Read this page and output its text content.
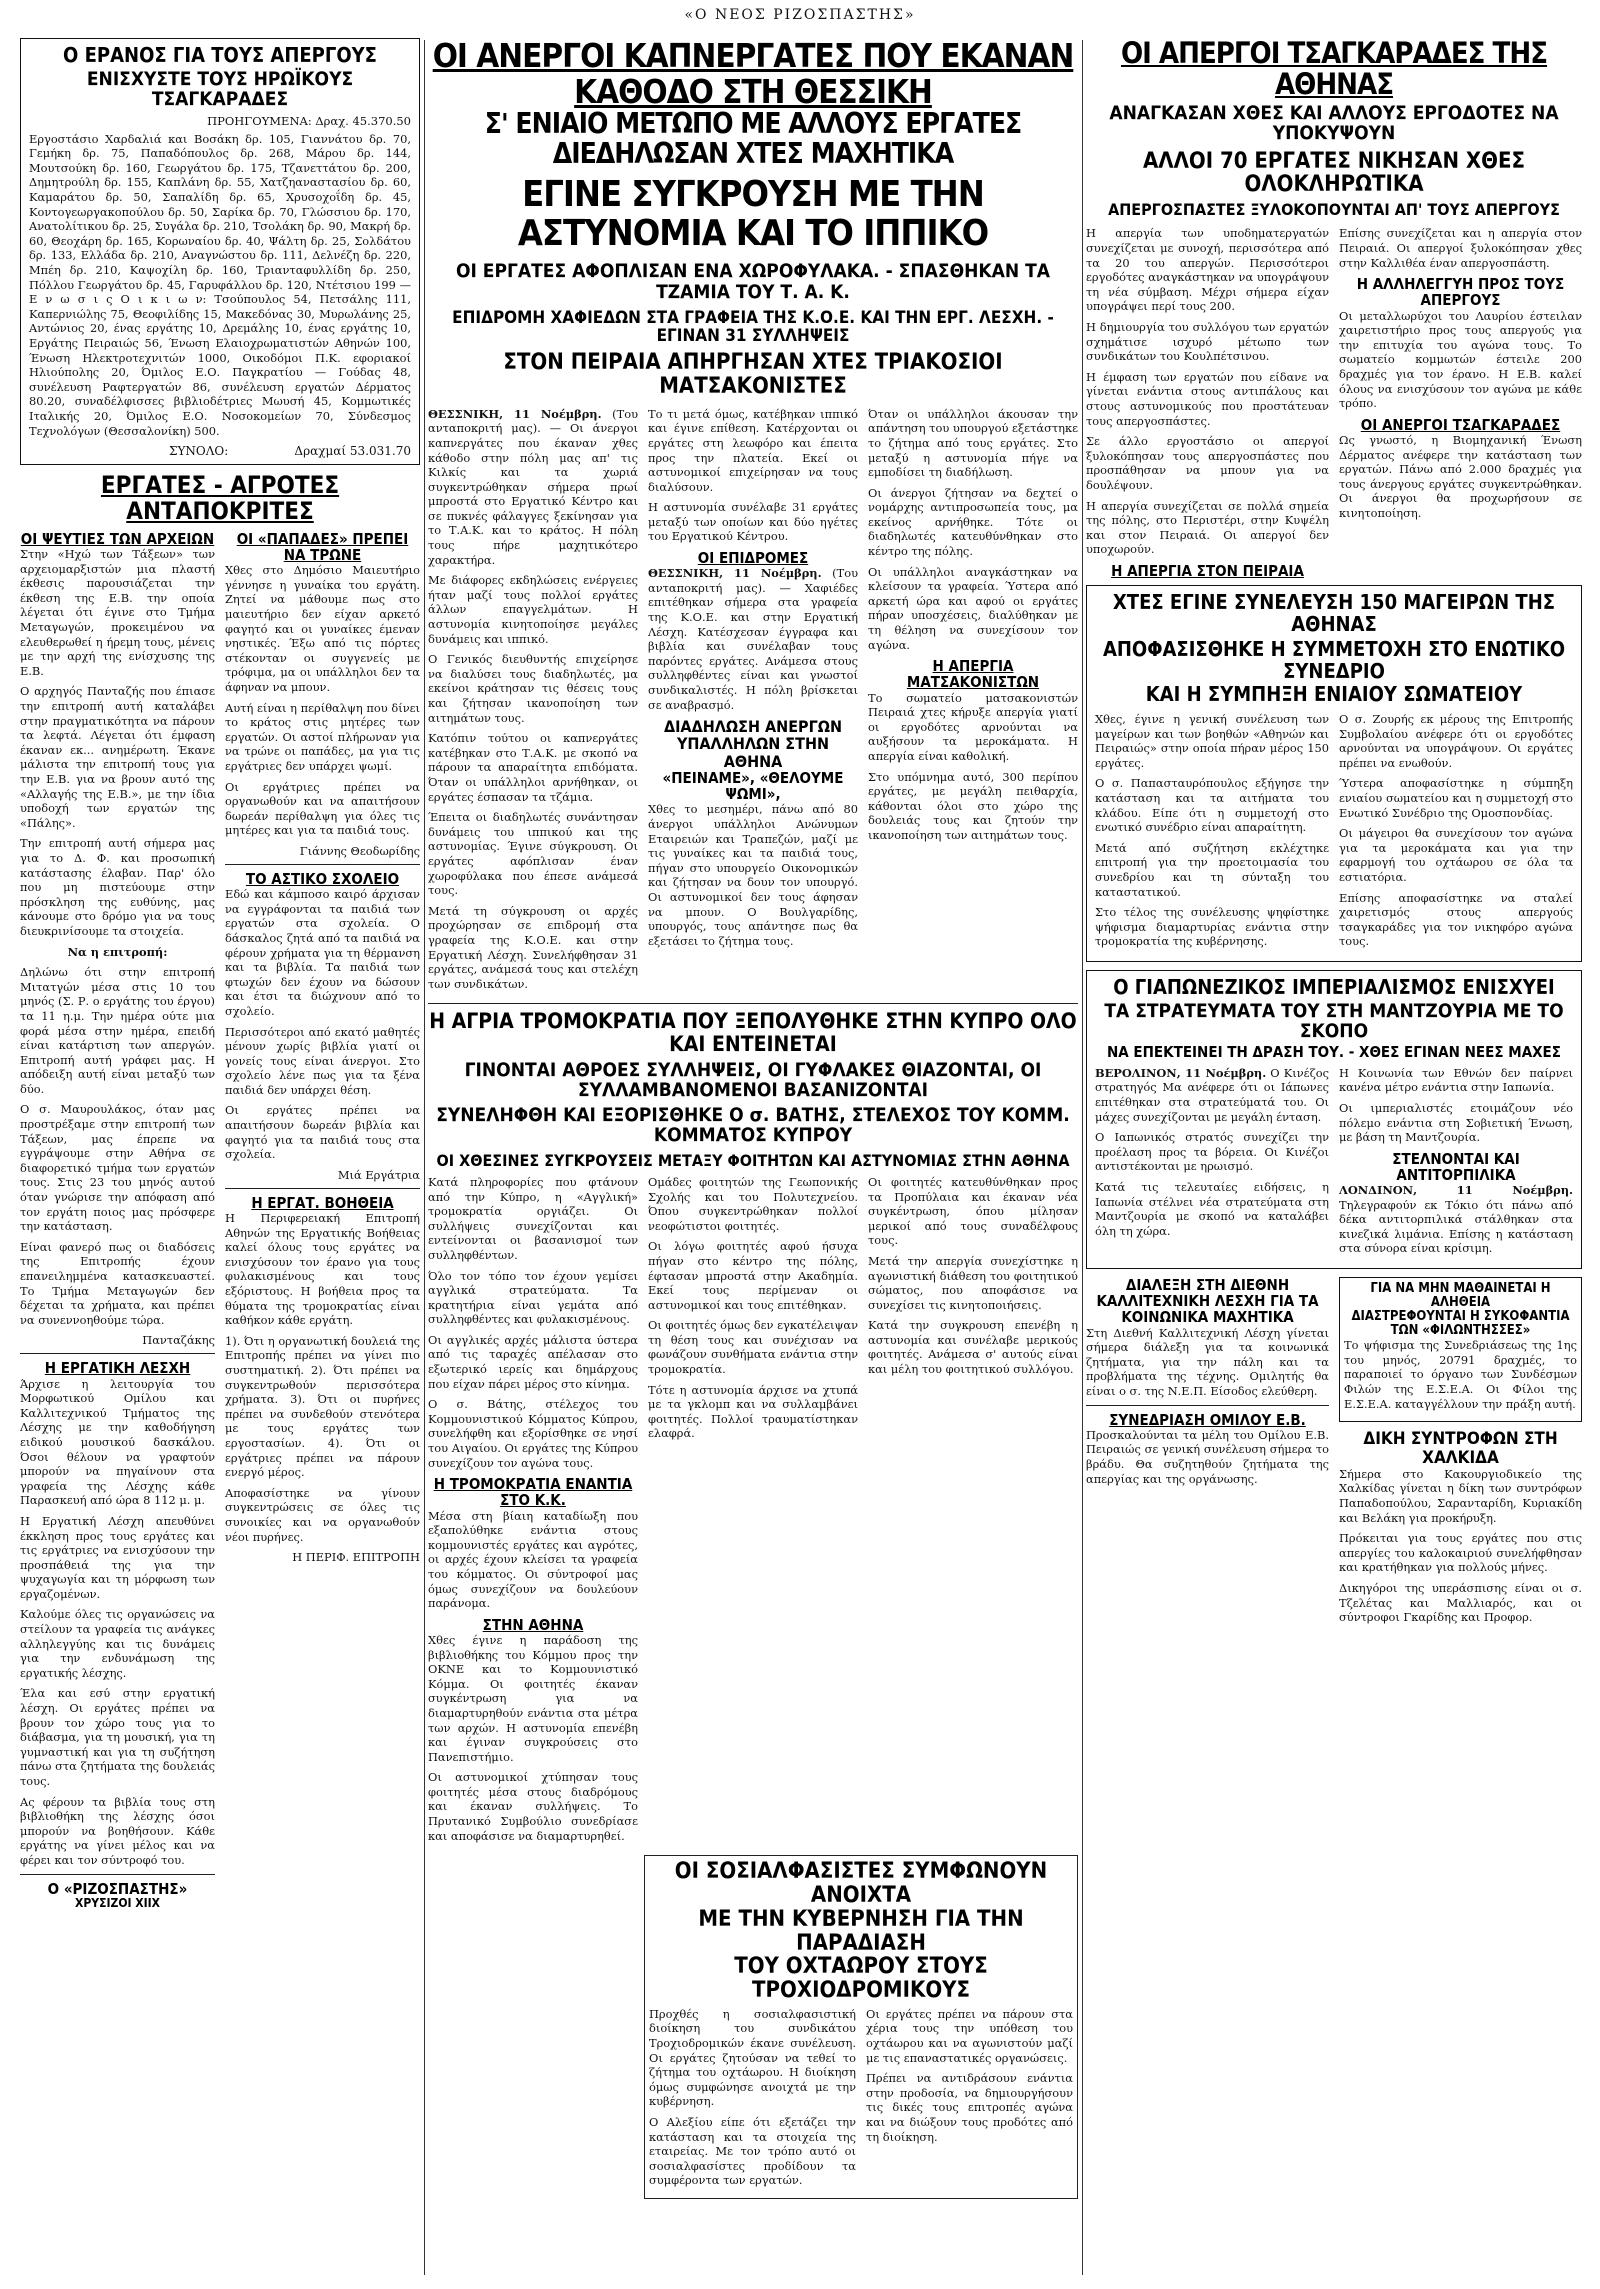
«Ο ΝΕΟΣ ΡΙΖΟΣΠΑΣΤΗΣ»
Ο ΕΡΑΝΟΣ ΓΙΑ ΤΟΥΣ ΑΠΕΡΓΟΥΣ
ΕΝΙΣΧΥΣΤΕ ΤΟΥΣ ΗΡΩΪΚΟΥΣ ΤΣΑΓΚΑΡΑΔΕΣ
ΠΡΟΗΓΟΥΜΕΝΑ: Δραχ. 45.370.50

Εργοστάσιο Χαρδαλιά και Βοσάκη δρ. 105, Γιαννάτου δρ. 70, Γεμήκη δρ. 75, Παπαδόπουλος δρ. 268, Μάρου δρ. 144, Μουτσούκη δρ. 160, Γεωργάτου δρ. 175, Τζανεττάτου δρ. 200, Δημητρούλη δρ. 155, Καπλάνη δρ. 55, Χατζηαναστασίου δρ. 60, Καμαράτου δρ. 50, Σαπαλίδη δρ. 65, Χρυσοχοΐδη δρ. 45, Κοντογεωργακοπούλου δρ. 50, Σαρίκα δρ. 70, Γλώσσιου δρ. 170, Ανατολίτικου δρ. 25, Συγάλα δρ. 210, Τσολάκη δρ. 90, Μακρή δρ. 60, Θεοχάρη δρ. 165, Κορωναίου δρ. 40, Ψάλτη δρ. 25, Σολδάτου δρ. 133, Ελλάδα δρ. 210, Αναγνώστου δρ. 111, Δελνέζη δρ. 220, Μπέη δρ. 210, Καψοχίλη δρ. 160, Τριανταφυλλίδη δρ. 250, Πόλλου Γεωργάτου δρ. 45, Γαρυφάλλου δρ. 120, Ντέτσιου 199 — Ε ν ω σ ι ς Ο ι κ ι ω ν: Τσούπουλος 54, Πετσάλης 111, Καπερνιώλης 75, Θεοφιλίδης 15, Μακεδόνας 30, Μυρωλάνης 25, Αντώνιος 20, ένας εργάτης 10, Δρεμάλης 10, ένας εργάτης 10, Εργάτης Πειραιώς 56, Ένωση Ελαιοχρωματιστών Αθηνών 100, Ένωση Ηλεκτροτεχνιτών 1000, Οικοδόμοι Π.Κ. εφοριακοί Ηλιούπολης 20, Όμιλος Ε.Ο. Παγκρατίου — Γούδας 48, συνέλευση Ραφτεργατών 86, συνέλευση εργατών Δέρματος 80.20, συναδέλφισσες βιβλιοδέτριες Μωυσή 45, Κομμωτικές Ιταλικής 20, Όμιλος Ε.Ο. Νοσοκομείων 70, Σύνδεσμος Τεχνολόγων (Θεσσαλονίκη) 500.

ΣΥΝΟΛΟ:	Δραχμαί 53.031.70
ΕΡΓΑΤΕΣ - ΑΓΡΟΤΕΣ ΑΝΤΑΠΟΚΡΙΤΕΣ
ΟΙ ΨΕΥΤΙΕΣ ΤΩΝ ΑΡΧΕΙΩΝ

Στην «Ηχώ των Τάξεων» των αρχειομαρξιστών μια πλαστή έκθεσις παρουσιάζεται την έκθεση της Ε.Β. την οποία λέγεται ότι έγινε στο Τμήμα Μεταγωγών, προκειμένου να ελευθερωθεί η ήρεμη τους, μένεις με την αρχή της ενίσχυσης της Ε.Β.

Ο αρχηγός Πανταζής που έπιασε την επιτροπή αυτή καταλάβει στην πραγματικότητα να πάρουν τα λεφτά. Λέγεται ότι έμφαση έκαναν εκ... ανημέρωτη. Έκανε μάλιστα την επιτροπή τους για την Ε.Β. για να βρουν αυτό της «Αλλαγής της Ε.Β.», με την ίδια υποδοχή των εργατών της «Πάλης».

Την επιτροπή αυτή σήμερα μας για το Δ. Φ. και προσωπική κατάστασης έλαβαν. Παρ' όλο που μη πιστεύουμε στην πρόσκληση της ευθύνης, μας κάνουμε στο δρόμο για να τους διευκρινίσουμε τα στοιχεία.

Να η επιτροπή:

Δηλώνω ότι στην επιτροπή Μιτατγών μέσα στις 10 του μηνός (Σ. Ρ. ο εργάτης του έργου) τα 11 η.μ. Την ημέρα ούτε μια φορά μέσα στην ημέρα, επειδή είναι κατάρτιση των απεργών. Επιτροπή αυτή γράφει μας. Η απόδειξη αυτή είναι μεταξύ των δύο.

Ο σ. Μαυρουλάκος, όταν μας προστρέξαμε στην επιτροπή των Τάξεων, μας έπρεπε να εγγράψουμε στην Αθήνα σε διαφορετικό τμήμα των εργατών τους. Στις 23 του μηνός αυτού όταν γνώρισε την απόφαση από τον εργάτη ποιος μας πρόσφερε την κατάσταση.

Είναι φανερό πως οι διαδόσεις της Επιτροπής έχουν επανειλημμένα κατασκευαστεί. Το Τμήμα Μεταγωγών δεν δέχεται τα χρήματα, και πρέπει να συνεννοηθούμε τώρα.

Πανταζάκης

Η ΕΡΓΑΤΙΚΗ ΛΕΣΧΗ

Άρχισε η λειτουργία του Μορφωτικού Ομίλου και Καλλιτεχνικού Τμήματος της Λέσχης με την καθοδήγηση ειδικού μουσικού δασκάλου. Όσοι θέλουν να γραφτούν μπορούν να πηγαίνουν στα γραφεία της Λέσχης κάθε Παρασκευή από ώρα 8 112 μ. μ.

Η Εργατική Λέσχη απευθύνει έκκληση προς τους εργάτες και τις εργάτριες να ενισχύσουν την προσπάθειά της για την ψυχαγωγία και τη μόρφωση των εργαζομένων.

Καλούμε όλες τις οργανώσεις να στείλουν τα γραφεία τις ανάγκες αλληλεγγύης και τις δυνάμεις για την ενδυνάμωση της εργατικής λέσχης.

Έλα και εσύ στην εργατική λέσχη. Οι εργάτες πρέπει να βρουν τον χώρο τους για το διάβασμα, για τη μουσική, για τη γυμναστική και για τη συζήτηση πάνω στα ζητήματα της δουλειάς τους.

Ας φέρουν τα βιβλία τους στη βιβλιοθήκη της λέσχης όσοι μπορούν να βοηθήσουν. Κάθε εργάτης να γίνει μέλος και να φέρει και τον σύντροφό του.

Ο «ΡΙΖΟΣΠΑΣΤΗΣ»
ΧΡΥΣΙΖΟΙ ΧΙΙΧ
ΟΙ «ΠΑΠΑΔΕΣ» ΠΡΕΠΕΙ ΝΑ ΤΡΩΝΕ

Χθες στο Δημόσιο Μαιευτήριο γέννησε η γυναίκα του εργάτη. Ζητεί να μάθουμε πως στο μαιευτήριο δεν είχαν αρκετό φαγητό και οι γυναίκες έμεναν νηστικές. Έξω από τις πόρτες στέκονταν οι συγγενείς με τρόφιμα, μα οι υπάλληλοι δεν τα άφηναν να μπουν.

Αυτή είναι η περίθαλψη που δίνει το κράτος στις μητέρες των εργατών. Οι αστοί πλήρωναν για να τρώνε οι παπάδες, μα για τις εργάτριες δεν υπάρχει ψωμί.

Οι εργάτριες πρέπει να οργανωθούν και να απαιτήσουν δωρεάν περίθαλψη για όλες τις μητέρες και για τα παιδιά τους.

Γιάννης Θεοδωρίδης

ΤΟ ΑΣΤΙΚΟ ΣΧΟΛΕΙΟ

Εδώ και κάμποσο καιρό άρχισαν να εγγράφονται τα παιδιά των εργατών στα σχολεία. Ο δάσκαλος ζητά από τα παιδιά να φέρουν χρήματα για τη θέρμανση και τα βιβλία. Τα παιδιά των φτωχών δεν έχουν να δώσουν και έτσι τα διώχνουν από το σχολείο.

Περισσότεροι από εκατό μαθητές μένουν χωρίς βιβλία γιατί οι γονείς τους είναι άνεργοι. Στο σχολείο λένε πως για τα ξένα παιδιά δεν υπάρχει θέση.

Οι εργάτες πρέπει να απαιτήσουν δωρεάν βιβλία και φαγητό για τα παιδιά τους στα σχολεία.

Μιά Εργάτρια

Η ΕΡΓΑΤ. ΒΟΗΘΕΙΑ

Η Περιφερειακή Επιτροπή Αθηνών της Εργατικής Βοήθειας καλεί όλους τους εργάτες να ενισχύσουν τον έρανο για τους φυλακισμένους και τους εξόριστους. Η βοήθεια προς τα θύματα της τρομοκρατίας είναι καθήκον κάθε εργάτη.

1). Ότι η οργανωτική δουλειά της Επιτροπής πρέπει να γίνει πιο συστηματική. 2). Ότι πρέπει να συγκεντρωθούν περισσότερα χρήματα. 3). Ότι οι πυρήνες πρέπει να συνδεθούν στενότερα με τους εργάτες των εργοστασίων. 4). Ότι οι εργάτριες πρέπει να πάρουν ενεργό μέρος.

Αποφασίστηκε να γίνουν συγκεντρώσεις σε όλες τις συνοικίες και να οργανωθούν νέοι πυρήνες.

Η ΠΕΡΙΦ. ΕΠΙΤΡΟΠΗ

ΟΙ ΑΝΕΡΓΟΙ ΚΑΠΝΕΡΓΑΤΕΣ ΠΟΥ ΕΚΑΝΑΝ ΚΑΘΟΔΟ ΣΤΗ ΘΕΣΣΙΚΗ
Σ' ΕΝΙΑΙΟ ΜΕΤΩΠΟ ΜΕ ΑΛΛΟΥΣ ΕΡΓΑΤΕΣ ΔΙΕΔΗΛΩΣΑΝ ΧΤΕΣ ΜΑΧΗΤΙΚΑ
ΕΓΙΝΕ ΣΥΓΚΡΟΥΣΗ ΜΕ ΤΗΝ ΑΣΤΥΝΟΜΙΑ ΚΑΙ ΤΟ ΙΠΠΙΚΟ
ΟΙ ΕΡΓΑΤΕΣ ΑΦΟΠΛΙΣΑΝ ΕΝΑ ΧΩΡΟΦΥΛΑΚΑ. - ΣΠΑΣΘΗΚΑΝ ΤΑ ΤΖΑΜΙΑ ΤΟΥ Τ. Α. Κ.
ΕΠΙΔΡΟΜΗ ΧΑΦΙΕΔΩΝ ΣΤΑ ΓΡΑΦΕΙΑ ΤΗΣ Κ.Ο.Ε. ΚΑΙ ΤΗΝ ΕΡΓ. ΛΕΣΧΗ. - ΕΓΙΝΑΝ 31 ΣΥΛΛΗΨΕΙΣ
ΣΤΟΝ ΠΕΙΡΑΙΑ ΑΠΗΡΓΗΣΑΝ ΧΤΕΣ ΤΡΙΑΚΟΣΙΟΙ ΜΑΤΣΑΚΟΝΙΣΤΕΣ

ΘΕΣΣΝΙΚΗ, 11 Νοέμβρη. (Του ανταποκριτή μας). — Οι άνεργοι καπνεργάτες που έκαναν χθες κάθοδο στην πόλη μας απ' τις Κιλκίς και τα χωριά συγκεντρώθηκαν σήμερα πρωί μπροστά στο Εργατικό Κέντρο και σε πυκνές φάλαγγες ξεκίνησαν για το Τ.Α.Κ. και το κράτος. Η πόλη τους πήρε μαχητικότερο χαρακτήρα.

Με διάφορες εκδηλώσεις ενέργειες ήταν μαζί τους πολλοί εργάτες άλλων επαγγελμάτων. Η αστυνομία κινητοποίησε μεγάλες δυνάμεις και ιππικό.

Ο Γενικός διευθυντής επιχείρησε να διαλύσει τους διαδηλωτές, μα εκείνοι κράτησαν τις θέσεις τους και ζήτησαν ικανοποίηση των αιτημάτων τους.

Κατόπιν τούτου οι καπνεργάτες κατέβηκαν στο Τ.Α.Κ. με σκοπό να πάρουν τα απαραίτητα επιδόματα. Όταν οι υπάλληλοι αρνήθηκαν, οι εργάτες έσπασαν τα τζάμια.

Έπειτα οι διαδηλωτές συνάντησαν δυνάμεις του ιππικού και της αστυνομίας. Έγινε σύγκρουση. Οι εργάτες αφόπλισαν έναν χωροφύλακα που έπεσε ανάμεσά τους.

Μετά τη σύγκρουση οι αρχές προχώρησαν σε επιδρομή στα γραφεία της Κ.Ο.Ε. και στην Εργατική Λέσχη. Συνελήφθησαν 31 εργάτες, ανάμεσά τους και στελέχη των συνδικάτων.

Το τι μετά όμως, κατέβηκαν ιππικό και έγινε επίθεση. Κατέρχονται οι εργάτες στη λεωφόρο και έπειτα προς την πλατεία. Εκεί οι αστυνομικοί επιχείρησαν να τους διαλύσουν.

Η αστυνομία συνέλαβε 31 εργάτες μεταξύ των οποίων και δύο ηγέτες του Εργατικού Κέντρου.

ΟΙ ΕΠΙΔΡΟΜΕΣ

ΘΕΣΣΝΙΚΗ, 11 Νοέμβρη. (Του ανταποκριτή μας). — Χαφιέδες επιτέθηκαν σήμερα στα γραφεία της Κ.Ο.Ε. και στην Εργατική Λέσχη. Κατέσχεσαν έγγραφα και βιβλία και συνέλαβαν τους παρόντες εργάτες. Ανάμεσα στους συλληφθέντες είναι και γνωστοί συνδικαλιστές. Η πόλη βρίσκεται σε αναβρασμό.

ΔΙΑΔΗΛΩΣΗ ΑΝΕΡΓΩΝ ΥΠΑΛΛΗΛΩΝ ΣΤΗΝ ΑΘΗΝΑ
«ΠΕΙΝΑΜΕ», «ΘΕΛΟΥΜΕ ΨΩΜΙ»,

Χθες το μεσημέρι, πάνω από 80 άνεργοι υπάλληλοι Ανώνυμων Εταιρειών και Τραπεζών, μαζί με τις γυναίκες και τα παιδιά τους, πήγαν στο υπουργείο Οικονομικών και ζήτησαν να δουν τον υπουργό. Οι αστυνομικοί δεν τους άφησαν να μπουν. Ο Βουλγαρίδης, υπουργός, τους απάντησε πως θα εξετάσει το ζήτημα τους.

Όταν οι υπάλληλοι άκουσαν την απάντηση του υπουργού εξετάστηκε το ζήτημα από τους εργάτες. Στο μεταξύ η αστυνομία πήγε να εμποδίσει τη διαδήλωση.

Οι άνεργοι ζήτησαν να δεχτεί ο νομάρχης αντιπροσωπεία τους, μα εκείνος αρνήθηκε. Τότε οι διαδηλωτές κατευθύνθηκαν στο κέντρο της πόλης.

Οι υπάλληλοι αναγκάστηκαν να κλείσουν τα γραφεία. Ύστερα από αρκετή ώρα και αφού οι εργάτες πήραν υποσχέσεις, διαλύθηκαν με τη θέληση να συνεχίσουν τον αγώνα.

Η ΑΠΕΡΓΙΑ ΜΑΤΣΑΚΟΝΙΣΤΩΝ

Το σωματείο ματσακονιστών Πειραιά χτες κήρυξε απεργία γιατί οι εργοδότες αρνούνται να αυξήσουν τα μεροκάματα. Η απεργία είναι καθολική.

Στο υπόμνημα αυτό, 300 περίπου εργάτες, με μεγάλη πειθαρχία, κάθονται όλοι στο χώρο της δουλειάς τους και ζητούν την ικανοποίηση των αιτημάτων τους.

Η ΑΓΡΙΑ ΤΡΟΜΟΚΡΑΤΙΑ ΠΟΥ ΞΕΠΟΛΥΘΗΚΕ ΣΤΗΝ ΚΥΠΡΟ ΟΛΟ ΚΑΙ ΕΝΤΕΙΝΕΤΑΙ
ΓΙΝΟΝΤΑΙ ΑΘΡΟΕΣ ΣΥΛΛΗΨΕΙΣ, ΟΙ ΓΥΦΛΑΚΕΣ ΘΙΑΖΟΝΤΑΙ, ΟΙ ΣΥΛΛΑΜΒΑΝΟΜΕΝΟΙ ΒΑΣΑΝΙΖΟΝΤΑΙ
ΣΥΝΕΛΗΦΘΗ ΚΑΙ ΕΞΟΡΙΣΘΗΚΕ Ο σ. ΒΑΤΗΣ, ΣΤΕΛΕΧΟΣ ΤΟΥ ΚΟΜΜ. ΚΟΜΜΑΤΟΣ ΚΥΠΡΟΥ
ΟΙ ΧΘΕΣΙΝΕΣ ΣΥΓΚΡΟΥΣΕΙΣ ΜΕΤΑΞΥ ΦΟΙΤΗΤΩΝ ΚΑΙ ΑΣΤΥΝΟΜΙΑΣ ΣΤΗΝ ΑΘΗΝΑ

Κατά πληροφορίες που φτάνουν από την Κύπρο, η «Αγγλική» τρομοκρατία οργιάζει. Οι συλλήψεις συνεχίζονται και εντείνονται οι βασανισμοί των συλληφθέντων.

Όλο τον τόπο τον έχουν γεμίσει αγγλικά στρατεύματα. Τα κρατητήρια είναι γεμάτα από συλληφθέντες και φυλακισμένους.

Οι αγγλικές αρχές μάλιστα ύστερα από τις ταραχές απέλασαν στο εξωτερικό ιερείς και δημάρχους που είχαν πάρει μέρος στο κίνημα.

Ο σ. Βάτης, στέλεχος του Κομμουνιστικού Κόμματος Κύπρου, συνελήφθη και εξορίσθηκε σε νησί του Αιγαίου. Οι εργάτες της Κύπρου συνεχίζουν τον αγώνα τους.

Η ΤΡΟΜΟΚΡΑΤΙΑ ΕΝΑΝΤΙΑ ΣΤΟ Κ.Κ.

Μέσα στη βίαιη καταδίωξη που εξαπολύθηκε ενάντια στους κομμουνιστές εργάτες και αγρότες, οι αρχές έχουν κλείσει τα γραφεία του κόμματος. Οι σύντροφοί μας όμως συνεχίζουν να δουλεύουν παράνομα.

ΣΤΗΝ ΑΘΗΝΑ

Χθες έγινε η παράδοση της βιβλιοθήκης του Κόμμου προς την ΟΚΝΕ και το Κομμουνιστικό Κόμμα. Οι φοιτητές έκαναν συγκέντρωση για να διαμαρτυρηθούν ενάντια στα μέτρα των αρχών. Η αστυνομία επενέβη και έγιναν συγκρούσεις στο Πανεπιστήμιο.

Οι αστυνομικοί χτύπησαν τους φοιτητές μέσα στους διαδρόμους και έκαναν συλλήψεις. Το Πρυτανικό Συμβούλιο συνεδρίασε και αποφάσισε να διαμαρτυρηθεί.

Ομάδες φοιτητών της Γεωπονικής Σχολής και του Πολυτεχνείου. Όπου συγκεντρώθηκαν πολλοί νεοφώτιστοι φοιτητές.

Οι λόγω φοιτητές αφού ήσυχα πήγαν στο κέντρο της πόλης, έφτασαν μπροστά στην Ακαδημία. Εκεί τους περίμεναν οι αστυνομικοί και τους επιτέθηκαν.

Οι φοιτητές όμως δεν εγκατέλειψαν τη θέση τους και συνέχισαν να φωνάζουν συνθήματα ενάντια στην τρομοκρατία.

Τότε η αστυνομία άρχισε να χτυπά με τα γκλομπ και να συλλαμβάνει φοιτητές. Πολλοί τραυματίστηκαν ελαφρά.

Οι φοιτητές κατευθύνθηκαν προς τα Προπύλαια και έκαναν νέα συγκέντρωση, όπου μίλησαν μερικοί από τους συναδέλφους τους.

Μετά την απεργία συνεχίστηκε η αγωνιστική διάθεση του φοιτητικού σώματος, που αποφάσισε να συνεχίσει τις κινητοποιήσεις.

Κατά την συγκρουση επενέβη η αστυνομία και συνέλαβε μερικούς φοιτητές. Ανάμεσα σ' αυτούς είναι και μέλη του φοιτητικού συλλόγου.

ΟΙ ΣΟΣΙΑΛΦΑΣΙΣΤΕΣ ΣΥΜΦΩΝΟΥΝ ΑΝΟΙΧΤΑ
ΜΕ ΤΗΝ ΚΥΒΕΡΝΗΣΗ ΓΙΑ ΤΗΝ ΠΑΡΑΔΙΑΣΗ
ΤΟΥ ΟΧΤΑΩΡΟΥ ΣΤΟΥΣ ΤΡΟΧΙΟΔΡΟΜΙΚΟΥΣ

Προχθές η σοσιαλφασιστική διοίκηση του συνδικάτου Τροχιοδρομικών έκανε συνέλευση. Οι εργάτες ζητούσαν να τεθεί το ζήτημα του οχτάωρου. Η διοίκηση όμως συμφώνησε ανοιχτά με την κυβέρνηση.

Ο Αλεξίου είπε ότι εξετάζει την κατάσταση και τα στοιχεία της εταιρείας. Με τον τρόπο αυτό οι σοσιαλφασίστες προδίδουν τα συμφέροντα των εργατών.

Οι εργάτες πρέπει να πάρουν στα χέρια τους την υπόθεση του οχτάωρου και να αγωνιστούν μαζί με τις επαναστατικές οργανώσεις.

Πρέπει να αντιδράσουν ενάντια στην προδοσία, να δημιουργήσουν τις δικές τους επιτροπές αγώνα και να διώξουν τους προδότες από τη διοίκηση.

ΟΙ ΑΠΕΡΓΟΙ ΤΣΑΓΚΑΡΑΔΕΣ ΤΗΣ ΑΘΗΝΑΣ
ΑΝΑΓΚΑΣΑΝ ΧΘΕΣ ΚΑΙ ΑΛΛΟΥΣ ΕΡΓΟΔΟΤΕΣ ΝΑ ΥΠΟΚΥΨΟΥΝ
ΑΛΛΟΙ 70 ΕΡΓΑΤΕΣ ΝΙΚΗΣΑΝ ΧΘΕΣ ΟΛΟΚΛΗΡΩΤΙΚΑ
ΑΠΕΡΓΟΣΠΑΣΤΕΣ ΞΥΛΟΚΟΠΟΥΝΤΑΙ ΑΠ' ΤΟΥΣ ΑΠΕΡΓΟΥΣ

Η απεργία των υποδηματεργατών συνεχίζεται με συνοχή, περισσότερα από τα 20 του απεργών. Περισσότεροι εργοδότες αναγκάστηκαν να υπογράψουν τη νέα σύμβαση. Μέχρι σήμερα είχαν υπογράψει περί τους 200.

Η δημιουργία του συλλόγου των εργατών σχημάτισε ισχυρό μέτωπο των συνδικάτων του Κουλπέτσινου.

Η έμφαση των εργατών που είδανε να γίνεται ενάντια στους αντιπάλους και στους αστυνομικούς που προστάτευαν τους απεργοσπάστες.

Σε άλλο εργοστάσιο οι απεργοί ξυλοκόπησαν τους απεργοσπάστες που προσπάθησαν να μπουν για να δουλέψουν.

Η απεργία συνεχίζεται σε πολλά σημεία της πόλης, στο Περιστέρι, στην Κυψέλη και στον Πειραιά. Οι απεργοί δεν υποχωρούν.

Η ΑΠΕΡΓΙΑ ΣΤΟΝ ΠΕΙΡΑΙΑ

Επίσης συνεχίζεται και η απεργία στον Πειραιά. Οι απεργοί ξυλοκόπησαν χθες στην Καλλιθέα έναν απεργοσπάστη.

Η ΑΛΛΗΛΕΓΓΥΗ ΠΡΟΣ ΤΟΥΣ ΑΠΕΡΓΟΥΣ

Οι μεταλλωρύχοι του Λαυρίου έστειλαν χαιρετιστήριο προς τους απεργούς για την επιτυχία του αγώνα τους. Το σωματείο κομμωτών έστειλε 200 δραχμές για τον έρανο. Η Ε.Β. καλεί όλους να ενισχύσουν τον αγώνα με κάθε τρόπο.

ΟΙ ΑΝΕΡΓΟΙ ΤΣΑΓΚΑΡΑΔΕΣ

Ως γνωστό, η Βιομηχανική Ένωση Δέρματος ανέφερε την κατάσταση των εργατών. Πάνω από 2.000 δραχμές για τους άνεργους εργάτες συγκεντρώθηκαν. Οι άνεργοι θα προχωρήσουν σε κινητοποίηση.

ΧΤΕΣ ΕΓΙΝΕ ΣΥΝΕΛΕΥΣΗ 150 ΜΑΓΕΙΡΩΝ ΤΗΣ ΑΘΗΝΑΣ
ΑΠΟΦΑΣΙΣΘΗΚΕ Η ΣΥΜΜΕΤΟΧΗ ΣΤΟ ΕΝΩΤΙΚΟ ΣΥΝΕΔΡΙΟ
ΚΑΙ Η ΣΥΜΠΗΞΗ ΕΝΙΑΙΟΥ ΣΩΜΑΤΕΙΟΥ

Χθες, έγινε η γενική συνέλευση των μαγείρων και των βοηθών «Αθηνών και Πειραιώς» στην οποία πήραν μέρος 150 εργάτες.

Ο σ. Παπασταυρόπουλος εξήγησε την κατάσταση και τα αιτήματα του κλάδου. Είπε ότι η συμμετοχή στο ενωτικό συνέδριο είναι απαραίτητη.

Μετά από συζήτηση εκλέχτηκε επιτροπή για την προετοιμασία του συνεδρίου και τη σύνταξη του καταστατικού.

Στο τέλος της συνέλευσης ψηφίστηκε ψήφισμα διαμαρτυρίας ενάντια στην τρομοκρατία της κυβέρνησης.

Ο σ. Ζουρής εκ μέρους της Επιτροπής Συμβολαίου ανέφερε ότι οι εργοδότες αρνούνται να υπογράψουν. Οι εργάτες πρέπει να ενωθούν.

Ύστερα αποφασίστηκε η σύμπηξη ενιαίου σωματείου και η συμμετοχή στο Ενωτικό Συνέδριο της Ομοσπονδίας.

Οι μάγειροι θα συνεχίσουν τον αγώνα για τα μεροκάματα και για την εφαρμογή του οχτάωρου σε όλα τα εστιατόρια.

Επίσης αποφασίστηκε να σταλεί χαιρετισμός στους απεργούς τσαγκαράδες για τον νικηφόρο αγώνα τους.

Ο ΓΙΑΠΩΝΕΖΙΚΟΣ ΙΜΠΕΡΙΑΛΙΣΜΟΣ ΕΝΙΣΧΥΕΙ
ΤΑ ΣΤΡΑΤΕΥΜΑΤΑ ΤΟΥ ΣΤΗ ΜΑΝΤΖΟΥΡΙΑ ΜΕ ΤΟ ΣΚΟΠΟ
ΝΑ ΕΠΕΚΤΕΙΝΕΙ ΤΗ ΔΡΑΣΗ ΤΟΥ. - ΧΘΕΣ ΕΓΙΝΑΝ ΝΕΕΣ ΜΑΧΕΣ

ΒΕΡΟΛΙΝΟΝ, 11 Νοέμβρη. Ο Κινέζος στρατηγός Μα ανέφερε ότι οι Ιάπωνες επιτέθηκαν στα στρατεύματά του. Οι μάχες συνεχίζονται με μεγάλη ένταση.

Ο Ιαπωνικός στρατός συνεχίζει την προέλαση προς τα βόρεια. Οι Κινέζοι αντιστέκονται με ηρωισμό.

Κατά τις τελευταίες ειδήσεις, η Ιαπωνία στέλνει νέα στρατεύματα στη Μαντζουρία με σκοπό να καταλάβει όλη τη χώρα.

Η Κοινωνία των Εθνών δεν παίρνει κανένα μέτρο ενάντια στην Ιαπωνία.

Οι ιμπεριαλιστές ετοιμάζουν νέο πόλεμο ενάντια στη Σοβιετική Ένωση, με βάση τη Μαντζουρία.

ΣΤΕΛΝΟΝΤΑΙ ΚΑΙ ΑΝΤΙΤΟΡΠΙΛΙΚΑ

ΛΟΝΔΙΝΟΝ, 11 Νοέμβρη. Τηλεγραφούν εκ Τόκιο ότι πάνω από δέκα αντιτορπιλικά στάλθηκαν στα κινεζικά λιμάνια. Επίσης η κατάσταση στα σύνορα είναι κρίσιμη.

ΔΙΑΛΕΞΗ ΣΤΗ ΔΙΕΘΝΗ ΚΑΛΛΙΤΕΧΝΙΚΗ ΛΕΣΧΗ ΓΙΑ ΤΑ ΚΟΙΝΩΝΙΚΑ ΜΑΧΗΤΙΚΑ

Στη Διεθνή Καλλιτεχνική Λέσχη γίνεται σήμερα διάλεξη για τα κοινωνικά ζητήματα, για την πάλη και τα προβλήματα της τέχνης. Ομιλητής θα είναι ο σ. της Ν.Ε.Π. Είσοδος ελεύθερη.

ΣΥΝΕΔΡΙΑΣΗ ΟΜΙΛΟΥ Ε.Β.

Προσκαλούνται τα μέλη του Ομίλου Ε.Β. Πειραιώς σε γενική συνέλευση σήμερα το βράδυ. Θα συζητηθούν ζητήματα της απεργίας και της οργάνωσης.

ΓΙΑ ΝΑ ΜΗΝ ΜΑΘΑΙΝΕΤΑΙ Η ΑΛΗΘΕΙΑ
ΔΙΑΣΤΡΕΦΟΥΝΤΑΙ Η ΣΥΚΟΦΑΝΤΙΑ ΤΩΝ «ΦΙΛΩΝΤΗΣΣΕΣ»

Το ψήφισμα της Συνεδριάσεως της 1ης του μηνός, 20791 δραχμές, το παραποιεί το όργανο των Συνδέσμων Φιλών της Ε.Σ.Ε.Α. Οι Φίλοι της Ε.Σ.Ε.Α. καταγγέλλουν την πράξη αυτή.

ΔΙΚΗ ΣΥΝΤΡΟΦΩΝ ΣΤΗ ΧΑΛΚΙΔΑ

Σήμερα στο Κακουργιοδικείο της Χαλκίδας γίνεται η δίκη των συντρόφων Παπαδοπούλου, Σαρανταρίδη, Κυριακίδη και Βελάκη για προκήρυξη.

Πρόκειται για τους εργάτες που στις απεργίες του καλοκαιριού συνελήφθησαν και κρατήθηκαν για πολλούς μήνες.

Δικηγόροι της υπεράσπισης είναι οι σ. Τζελέτας και Μαλλιαρός, και οι σύντροφοι Γκαρίδης και Προφορ.
